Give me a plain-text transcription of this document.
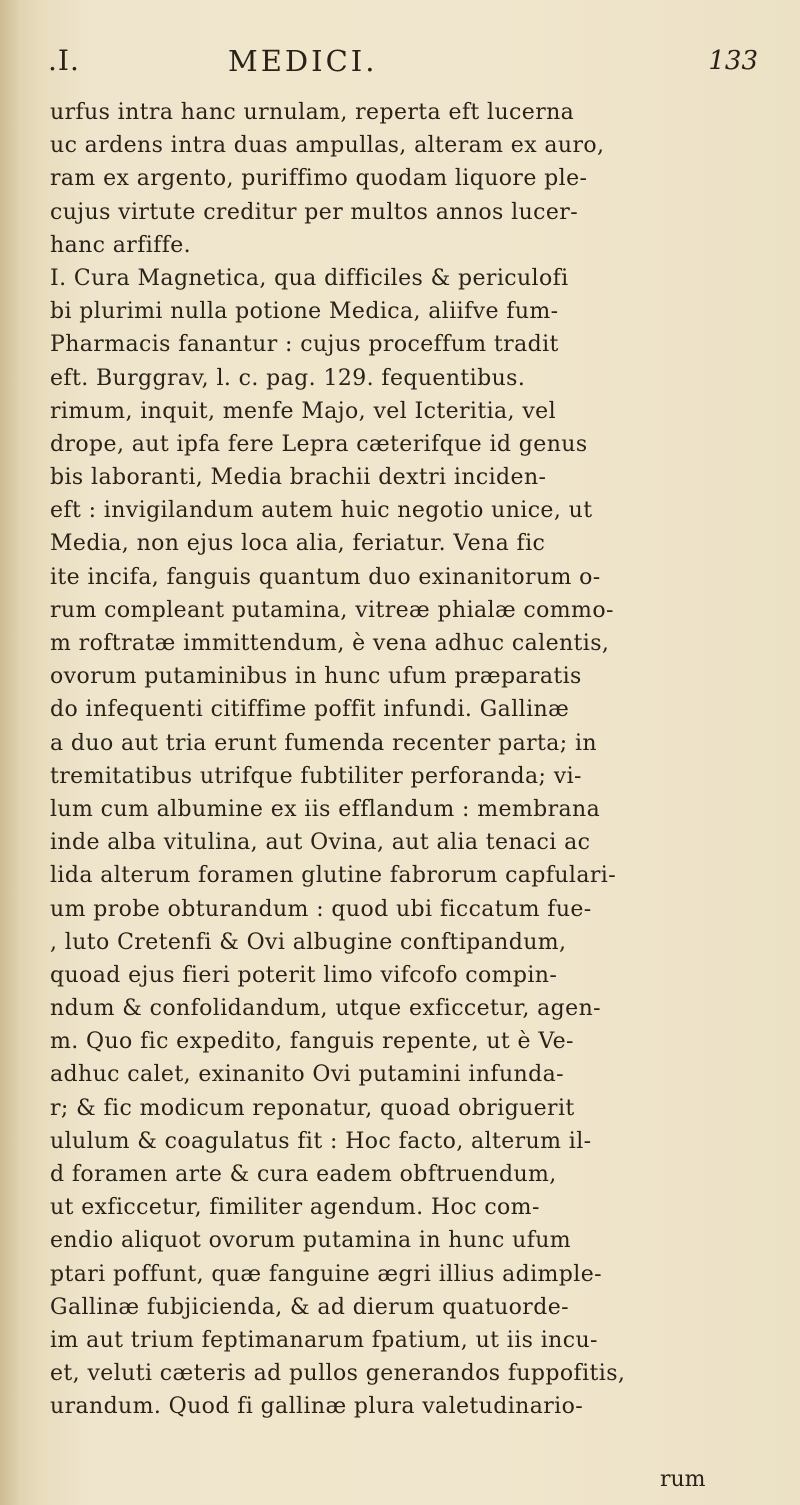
.I.	MEDICI.	133
urfus intra hanc urnulam, reperta eft lucerna
uc ardens intra duas ampullas, alteram ex auro,
ram ex argento, puriffimo quodam liquore ple-
cujus virtute creditur per multos annos lucer-
hanc arfiffe.
I. Cura Magnetica, qua difficiles & periculofi
bi plurimi nulla potione Medica, aliifve fum-
Pharmacis fanantur : cujus proceffum tradit
eft. Burggrav, l. c. pag. 129. fequentibus.
rimum, inquit, menfe Majo, vel Icteritia, vel
drope, aut ipfa fere Lepra cæterifque id genus
bis laboranti, Media brachii dextri inciden-
eft : invigilandum autem huic negotio unice, ut
Media, non ejus loca alia, feriatur. Vena fic
ite incifa, fanguis quantum duo exinanitorum o-
rum compleant putamina, vitreæ phialæ commo-
m roftratæ immittendum, è vena adhuc calentis,
ovorum putaminibus in hunc ufum præparatis
do infequenti citiffime poffit infundi. Gallinæ
a duo aut tria erunt fumenda recenter parta; in
tremitatibus utrifque fubtiliter perforanda; vi-
lum cum albumine ex iis efflandum : membrana
inde alba vitulina, aut Ovina, aut alia tenaci ac
lida alterum foramen glutine fabrorum capfulari-
um probe obturandum : quod ubi ficcatum fue-
, luto Cretenfi & Ovi albugine conftipandum,
quoad ejus fieri poterit limo vifcofo compin-
ndum & confolidandum, utque exficcetur, agen-
m. Quo fic expedito, fanguis repente, ut è Ve-
adhuc calet, exinanito Ovi putamini infunda-
r; & fic modicum reponatur, quoad obriguerit
ululum & coagulatus fit : Hoc facto, alterum il-
d foramen arte & cura eadem obftruendum,
ut exficcetur, fimiliter agendum. Hoc com-
endio aliquot ovorum putamina in hunc ufum
ptari poffunt, quæ fanguine ægri illius adimple-
Gallinæ fubjicienda, & ad dierum quatuorde-
im aut trium feptimanarum fpatium, ut iis incu-
et, veluti cæteris ad pullos generandos fuppofitis,
urandum. Quod fi gallinæ plura valetudinario-
rum
